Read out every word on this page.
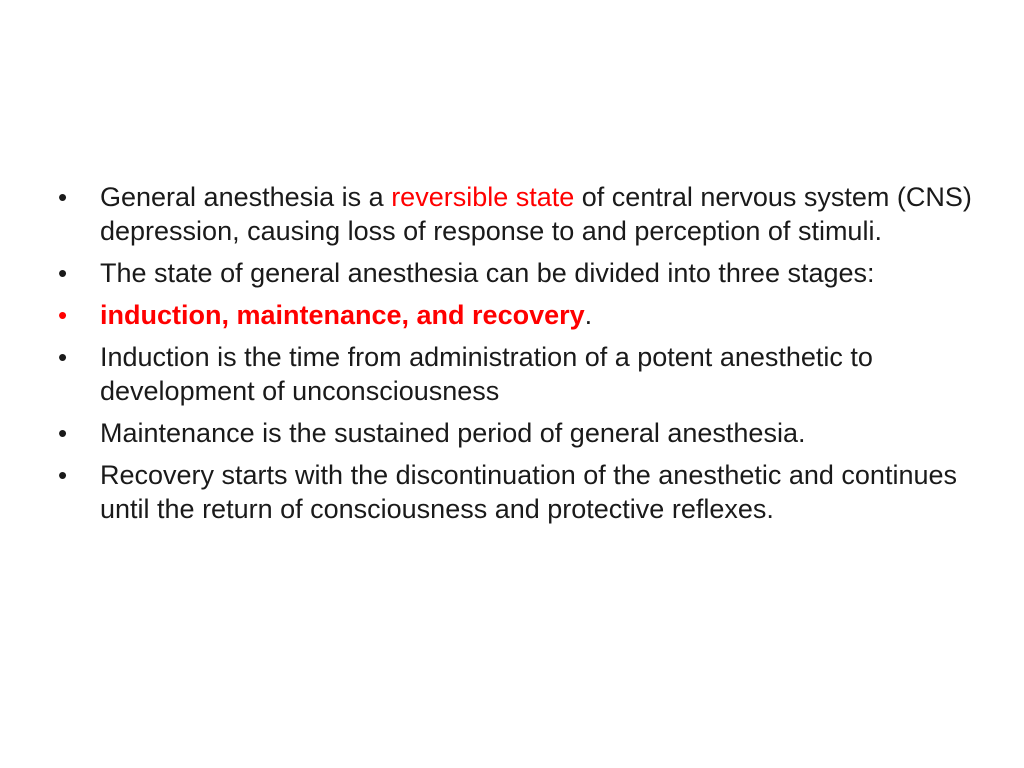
• General anesthesia is a reversible state of central nervous system (CNS) depression, causing loss of response to and perception of stimuli.
• The state of general anesthesia can be divided into three stages:
• induction, maintenance, and recovery.
• Induction is the time from administration of a potent anesthetic to development of unconsciousness
• Maintenance is the sustained period of general anesthesia.
• Recovery starts with the discontinuation of the anesthetic and continues until the return of consciousness and protective reflexes.
